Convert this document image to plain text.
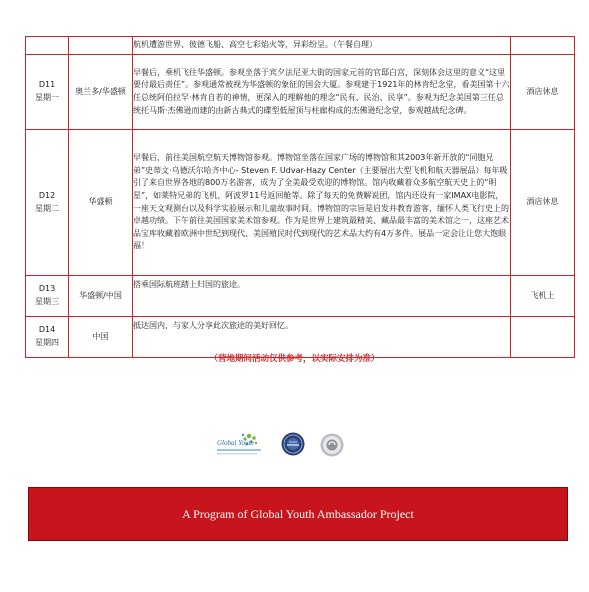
		航机遭游世界、彼德飞船、高空七彩焰火等，异彩纷呈。（午餐自理）	

D11
星期一	奥兰多/华盛顿	早餐后，乘机飞往华盛顿。参观坐落于宾夕法尼亚大街的国家元首的官邸白宫，深刻体会这里的意义“这里要付最后责任”。参观通常被视为华盛顿的象征的国会大厦。参观建于1921年的林肯纪念堂，看美国第十六任总统阿伯拉罕·林肯自若的神情，更深入的理解他的理念“民有、民治、民享”。参观为纪念美国第三任总统托马斯·杰佛逊而建的由新古典式的碟型低屋顶与柱廊构成的杰佛逊纪念堂，参观越战纪念碑。	酒店休息

D12
星期二	华盛顿	早餐后，前往美国航空航天博物馆参观。博物馆坐落在国家广场的博物馆和其2003年新开放的“同胞兄弟”史蒂文·乌德沃尔哈齐中心- Steven F. Udvar-Hazy Center（主要展出大型飞机和航天器展品）每年吸引了来自世界各地的800万名游客，成为了全美最受欢迎的博物馆。馆内收藏着众多航空航天史上的“明星”，如莱特兄弟的飞机、阿波罗11号返回舱等。除了每天的免费解说团，馆内还设有一家IMAX电影院，一座天文观测台以及科学实验展示和儿童故事时间。博物馆的宗旨是启发并教育游客，缅怀人类飞行史上的卓越功绩。下午前往美国国家美术馆参观。作为是世界上建筑最精美、藏品最丰富的美术馆之一，这座艺术品宝库收藏着欧洲中世纪到现代、美国殖民时代到现代的艺术品大约有4万多件。展品一定会让让您大饱眼福！	酒店休息

D13
星期三	华盛顿/中国	搭乘国际航班踏上归国的旅途。	飞机上

D14
星期四	中国	抵达国内，与家人分享此次旅途的美好回忆。	
（营地期间活动仅供参考，以实际安排为准）
Global Youth
A Program of Global Youth Ambassador Project
